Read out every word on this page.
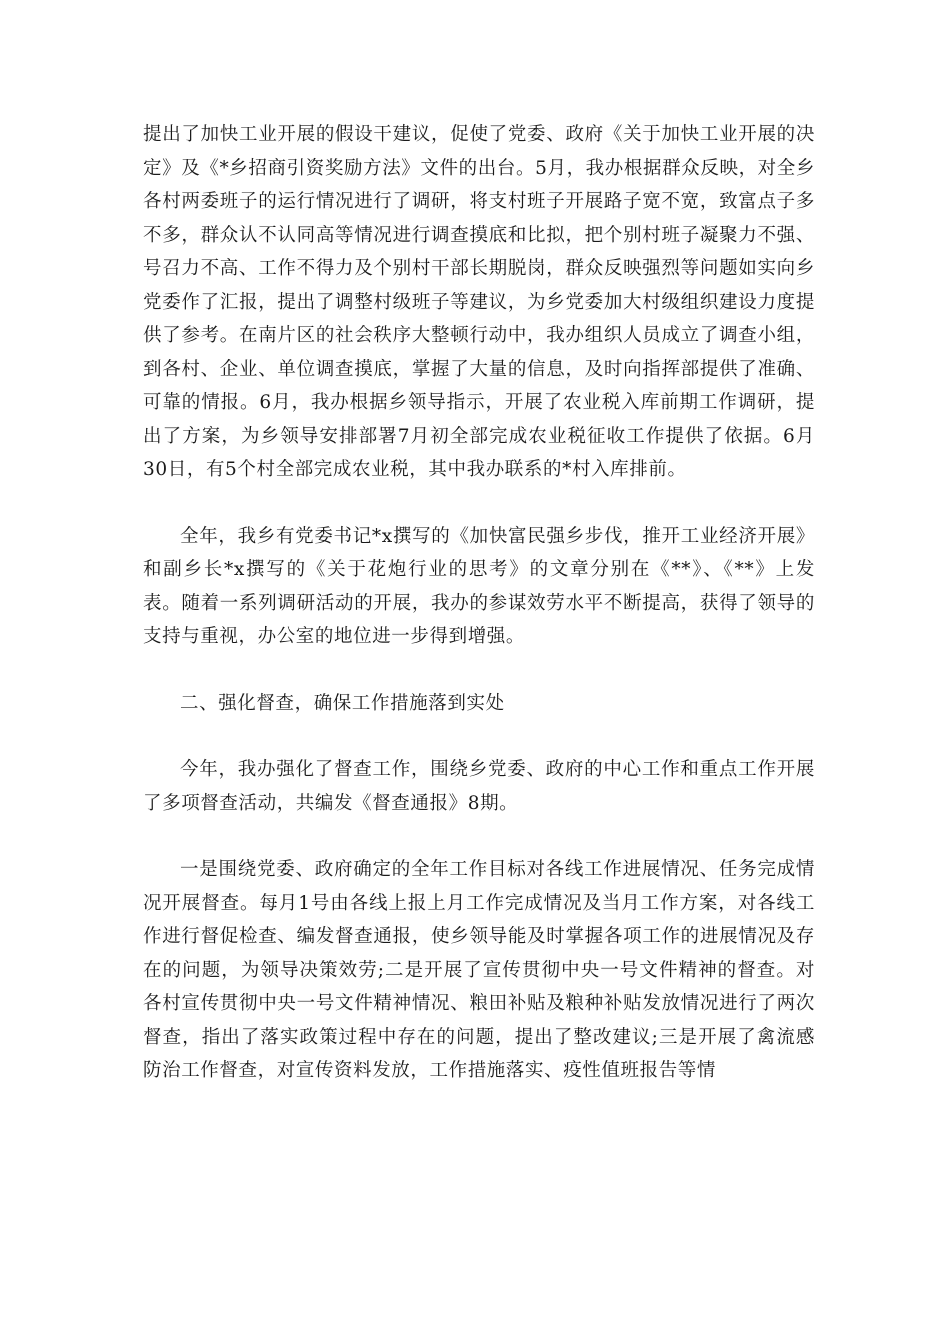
提出了加快工业开展的假设干建议，促使了党委、政府《关于加快工业开展的决定》及《*乡招商引资奖励方法》文件的出台。5月，我办根据群众反映，对全乡各村两委班子的运行情况进行了调研，将支村班子开展路子宽不宽，致富点子多不多，群众认不认同高等情况进行调查摸底和比拟，把个别村班子凝聚力不强、号召力不高、工作不得力及个别村干部长期脱岗，群众反映强烈等问题如实向乡党委作了汇报，提出了调整村级班子等建议，为乡党委加大村级组织建设力度提供了参考。在南片区的社会秩序大整顿行动中，我办组织人员成立了调查小组，到各村、企业、单位调查摸底，掌握了大量的信息，及时向指挥部提供了准确、可靠的情报。6月，我办根据乡领导指示，开展了农业税入库前期工作调研，提出了方案，为乡领导安排部署7月初全部完成农业税征收工作提供了依据。6月30日，有5个村全部完成农业税，其中我办联系的*村入库排前。

全年，我乡有党委书记*x撰写的《加快富民强乡步伐，推开工业经济开展》和副乡长*x撰写的《关于花炮行业的思考》的文章分别在《**》、《**》上发表。随着一系列调研活动的开展，我办的参谋效劳水平不断提高，获得了领导的支持与重视，办公室的地位进一步得到增强。

二、强化督查，确保工作措施落到实处

今年，我办强化了督查工作，围绕乡党委、政府的中心工作和重点工作开展了多项督查活动，共编发《督查通报》8期。

一是围绕党委、政府确定的全年工作目标对各线工作进展情况、任务完成情况开展督查。每月1号由各线上报上月工作完成情况及当月工作方案，对各线工作进行督促检查、编发督查通报，使乡领导能及时掌握各项工作的进展情况及存在的问题，为领导决策效劳;二是开展了宣传贯彻中央一号文件精神的督查。对各村宣传贯彻中央一号文件精神情况、粮田补贴及粮种补贴发放情况进行了两次督查，指出了落实政策过程中存在的问题，提出了整改建议;三是开展了禽流感防治工作督查，对宣传资料发放，工作措施落实、疫性值班报告等情
